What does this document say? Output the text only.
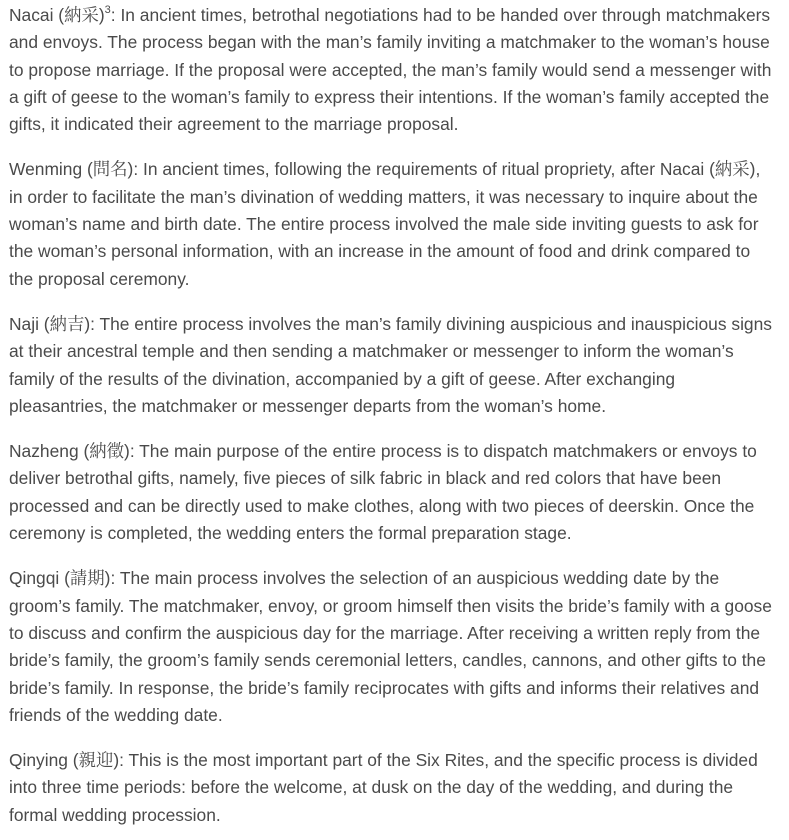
Nacai (納采)$^3$: In ancient times, betrothal negotiations had to be handed over through matchmakers and envoys. The process began with the man’s family inviting a matchmaker to the woman’s house to propose marriage. If the proposal were accepted, the man’s family would send a messenger with a gift of geese to the woman’s family to express their intentions. If the woman’s family accepted the gifts, it indicated their agreement to the marriage proposal.

Wenming (問名): In ancient times, following the requirements of ritual propriety, after Nacai (納采), in order to facilitate the man’s divination of wedding matters, it was necessary to inquire about the woman’s name and birth date. The entire process involved the male side inviting guests to ask for the woman’s personal information, with an increase in the amount of food and drink compared to the proposal ceremony.

Naji (納吉): The entire process involves the man’s family divining auspicious and inauspicious signs at their ancestral temple and then sending a matchmaker or messenger to inform the woman’s family of the results of the divination, accompanied by a gift of geese. After exchanging pleasantries, the matchmaker or messenger departs from the woman’s home.

Nazheng (納徵): The main purpose of the entire process is to dispatch matchmakers or envoys to deliver betrothal gifts, namely, five pieces of silk fabric in black and red colors that have been processed and can be directly used to make clothes, along with two pieces of deerskin. Once the ceremony is completed, the wedding enters the formal preparation stage.

Qingqi (請期): The main process involves the selection of an auspicious wedding date by the groom’s family. The matchmaker, envoy, or groom himself then visits the bride’s family with a goose to discuss and confirm the auspicious day for the marriage. After receiving a written reply from the bride’s family, the groom’s family sends ceremonial letters, candles, cannons, and other gifts to the bride’s family. In response, the bride’s family reciprocates with gifts and informs their relatives and friends of the wedding date.

Qinying (親迎): This is the most important part of the Six Rites, and the specific process is divided into three time periods: before the welcome, at dusk on the day of the wedding, and during the formal wedding procession.
